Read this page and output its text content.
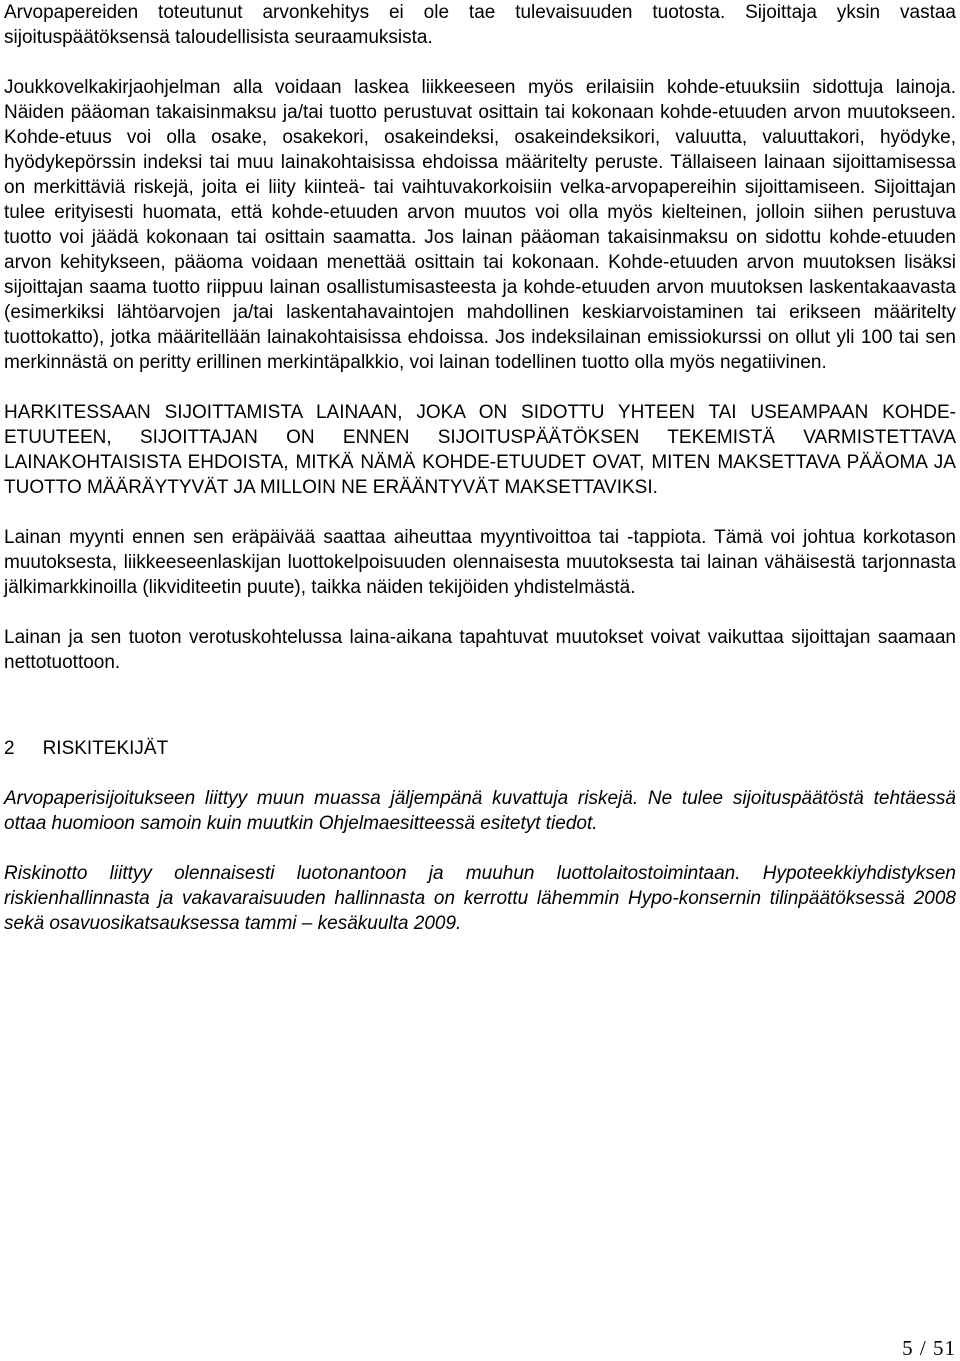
Arvopapereiden toteutunut arvonkehitys ei ole tae tulevaisuuden tuotosta. Sijoittaja yksin vastaa sijoituspäätöksensä taloudellisista seuraamuksista.

Joukkovelkakirjaohjelman alla voidaan laskea liikkeeseen myös erilaisiin kohde-etuuksiin sidottuja lainoja. Näiden pääoman takaisinmaksu ja/tai tuotto perustuvat osittain tai kokonaan kohde-etuuden arvon muutokseen. Kohde-etuus voi olla osake, osakekori, osakeindeksi, osakeindeksikori, valuutta, valuuttakori, hyödyke, hyödykepörssin indeksi tai muu lainakohtaisissa ehdoissa määritelty peruste. Tällaiseen lainaan sijoittamisessa on merkittäviä riskejä, joita ei liity kiinteä- tai vaihtuvakorkoisiin velka-arvopapereihin sijoittamiseen. Sijoittajan tulee erityisesti huomata, että kohde-etuuden arvon muutos voi olla myös kielteinen, jolloin siihen perustuva tuotto voi jäädä kokonaan tai osittain saamatta. Jos lainan pääoman takaisinmaksu on sidottu kohde-etuuden arvon kehitykseen, pääoma voidaan menettää osittain tai kokonaan. Kohde-etuuden arvon muutoksen lisäksi sijoittajan saama tuotto riippuu lainan osallistumisasteesta ja kohde-etuuden arvon muutoksen laskentakaavasta (esimerkiksi lähtöarvojen ja/tai laskentahavaintojen mahdollinen keskiarvoistaminen tai erikseen määritelty tuottokatto), jotka määritellään lainakohtaisissa ehdoissa. Jos indeksilainan emissiokurssi on ollut yli 100 tai sen merkinnästä on peritty erillinen merkintäpalkkio, voi lainan todellinen tuotto olla myös negatiivinen.

HARKITESSAAN SIJOITTAMISTA LAINAAN, JOKA ON SIDOTTU YHTEEN TAI USEAMPAAN KOHDE-ETUUTEEN, SIJOITTAJAN ON ENNEN SIJOITUSPÄÄTÖKSEN TEKEMISTÄ VARMISTETTAVA LAINAKOHTAISISTA EHDOISTA, MITKÄ NÄMÄ KOHDE-ETUUDET OVAT, MITEN MAKSETTAVA PÄÄOMA JA TUOTTO MÄÄRÄYTYVÄT JA MILLOIN NE ERÄÄNTYVÄT MAKSETTAVIKSI.

Lainan myynti ennen sen eräpäivää saattaa aiheuttaa myyntivoittoa tai -tappiota. Tämä voi johtua korkotason muutoksesta, liikkeeseenlaskijan luottokelpoisuuden olennaisesta muutoksesta tai lainan vähäisestä tarjonnasta jälkimarkkinoilla (likviditeetin puute), taikka näiden tekijöiden yhdistelmästä.

Lainan ja sen tuoton verotuskohtelussa laina-aikana tapahtuvat muutokset voivat vaikuttaa sijoittajan saamaan nettotuottoon.

2 RISKITEKIJÄT

Arvopaperisijoitukseen liittyy muun muassa jäljempänä kuvattuja riskejä. Ne tulee sijoituspäätöstä tehtäessä ottaa huomioon samoin kuin muutkin Ohjelmaesitteessä esitetyt tiedot.

Riskinotto liittyy olennaisesti luotonantoon ja muuhun luottolaitostoimintaan. Hypoteekkiyhdistyksen riskienhallinnasta ja vakavaraisuuden hallinnasta on kerrottu lähemmin Hypo-konsernin tilinpäätöksessä 2008 sekä osavuosikatsauksessa tammi – kesäkuulta 2009.

5 / 51
